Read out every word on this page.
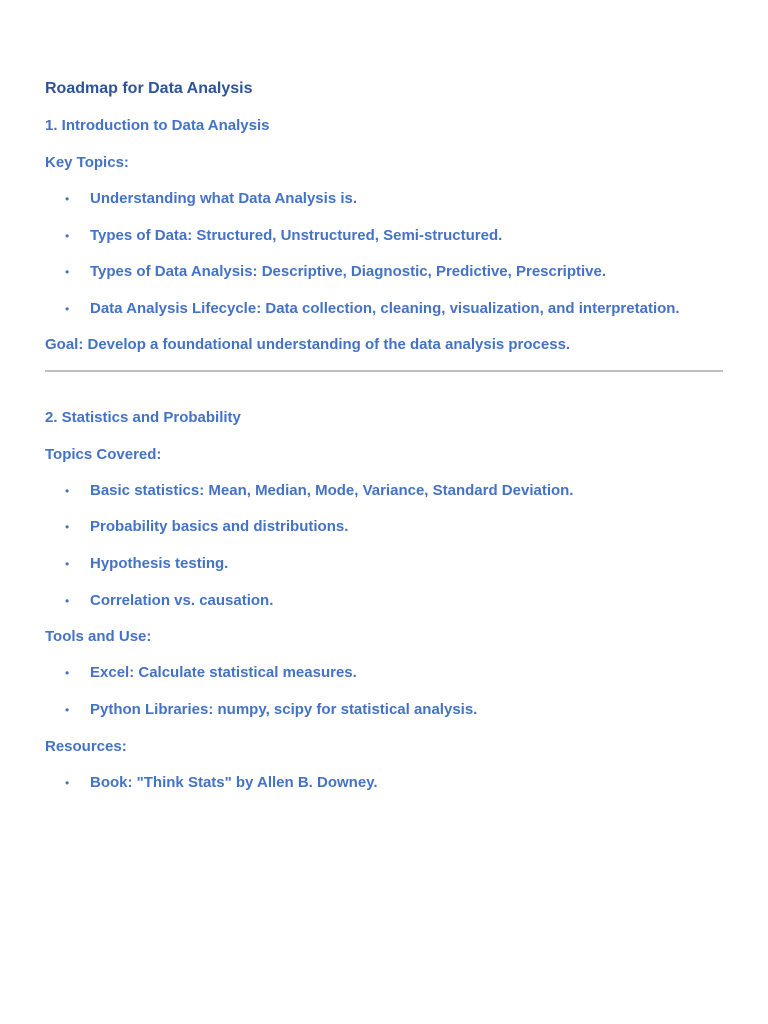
Roadmap for Data Analysis
1. Introduction to Data Analysis
Key Topics:
• Understanding what Data Analysis is.
• Types of Data: Structured, Unstructured, Semi-structured.
• Types of Data Analysis: Descriptive, Diagnostic, Predictive, Prescriptive.
• Data Analysis Lifecycle: Data collection, cleaning, visualization, and interpretation.
Goal: Develop a foundational understanding of the data analysis process.
2. Statistics and Probability
Topics Covered:
• Basic statistics: Mean, Median, Mode, Variance, Standard Deviation.
• Probability basics and distributions.
• Hypothesis testing.
• Correlation vs. causation.
Tools and Use:
• Excel: Calculate statistical measures.
• Python Libraries: numpy, scipy for statistical analysis.
Resources:
• Book: "Think Stats" by Allen B. Downey.
